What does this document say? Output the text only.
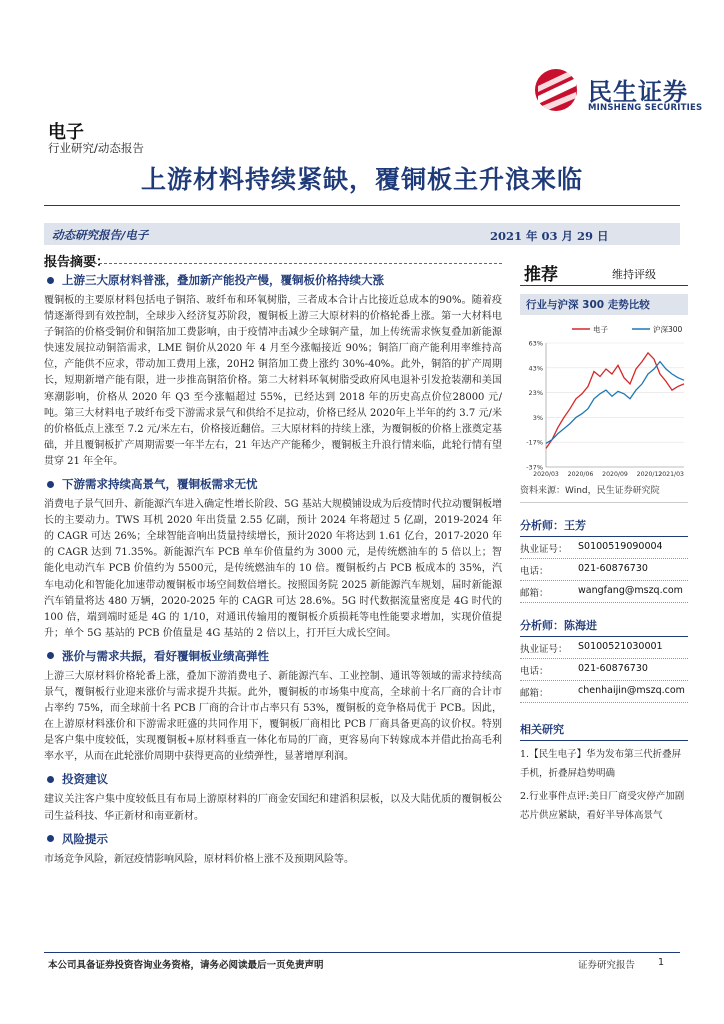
民生证券
MINSHENG SECURITIES
电子
行业研究/动态报告
上游材料持续紧缺，覆铜板主升浪来临
动态研究报告/电子	2021 年 03 月 29 日
报告摘要：
上游三大原材料普涨，叠加新产能投产慢，覆铜板价格持续大涨
覆铜板的主要原材料包括电子铜箔、玻纤布和环氧树脂，三者成本合计占比接近总成本的90%。随着疫情逐渐得到有效控制，全球步入经济复苏阶段，覆铜板上游三大原材料的价格轮番上涨。第一大材料电子铜箔的价格受铜价和铜箔加工费影响，由于疫情冲击减少全球铜产量，加上传统需求恢复叠加新能源快速发展拉动铜箔需求，LME 铜价从2020 年 4 月至今涨幅接近 90%；铜箔厂商产能利用率维持高位，产能供不应求，带动加工费用上涨，20H2 铜箔加工费上涨约 30%-40%。此外，铜箔的扩产周期长，短期新增产能有限，进一步推高铜箔价格。第二大材料环氧树脂受政府风电退补引发抢装潮和美国寒潮影响，价格从 2020 年 Q3 至今涨幅超过 55%，已经达到 2018 年的历史高点价位28000 元/吨。第三大材料电子玻纤布受下游需求景气和供给不足拉动，价格已经从 2020年上半年的约 3.7 元/米的价格低点上涨至 7.2 元/米左右，价格接近翻倍。三大原材料的持续上涨，为覆铜板的价格上涨奠定基础，并且覆铜板扩产周期需要一年半左右，21 年达产产能稀少，覆铜板主升浪行情来临，此轮行情有望贯穿 21 年全年。
下游需求持续高景气，覆铜板需求无忧
消费电子景气回升、新能源汽车进入确定性增长阶段、5G 基站大规模铺设成为后疫情时代拉动覆铜板增长的主要动力。TWS 耳机 2020 年出货量 2.55 亿副，预计 2024 年将超过 5 亿副，2019-2024 年的 CAGR 可达 26%；全球智能音响出货量持续增长，预计2020 年将达到 1.61 亿台，2017-2020 年的 CAGR 达到 71.35%。新能源汽车 PCB 单车价值量约为 3000 元，是传统燃油车的 5 倍以上；智能化电动汽车 PCB 价值约为 5500元，是传统燃油车的 10 倍。覆铜板约占 PCB 板成本的 35%，汽车电动化和智能化加速带动覆铜板市场空间数倍增长。按照国务院 2025 新能源汽车规划，届时新能源汽车销量将达 480 万辆，2020-2025 年的 CAGR 可达 28.6%。5G 时代数据流量密度是 4G 时代的 100 倍，端到端时延是 4G 的 1/10，对通讯传输用的覆铜板介质损耗等电性能要求增加，实现价值提升；单个 5G 基站的 PCB 价值量是 4G 基站的 2 倍以上，打开巨大成长空间。
涨价与需求共振，看好覆铜板业绩高弹性
上游三大原材料价格轮番上涨，叠加下游消费电子、新能源汽车、工业控制、通讯等领域的需求持续高景气，覆铜板行业迎来涨价与需求提升共振。此外，覆铜板的市场集中度高，全球前十名厂商的合计市占率约 75%，而全球前十名 PCB 厂商的合计市占率只有 53%，覆铜板的竞争格局优于 PCB。因此，在上游原材料涨价和下游需求旺盛的共同作用下，覆铜板厂商相比 PCB 厂商具备更高的议价权。特别是客户集中度较低，实现覆铜板+原材料垂直一体化布局的厂商，更容易向下转嫁成本并借此抬高毛利率水平，从而在此轮涨价周期中获得更高的业绩弹性，显著增厚利润。
投资建议
建议关注客户集中度较低且有布局上游原材料的厂商金安国纪和建滔积层板，以及大陆优质的覆铜板公司生益科技、华正新材和南亚新材。
风险提示
市场竞争风险，新冠疫情影响风险，原材料价格上涨不及预期风险等。
推荐	维持评级
行业与沪深 300 走势比较
63%
43%
23%
3%
-17%
-37%
2020/03 2020/06 2020/09 2020/12
2021/03
电子	沪深300
资料来源：Wind，民生证券研究院
分析师：王芳
执业证号：	S0100519090004
电话：	021-60876730
邮箱：	wangfang@mszq.com
分析师：陈海进
执业证号：	S0100521030001
电话：	021-60876730
邮箱：	chenhaijin@mszq.com
相关研究
1.【民生电子】华为发布第三代折叠屏手机，折叠屏趋势明确
2.行业事件点评:美日厂商受灾停产加剧芯片供应紧缺，看好半导体高景气
本公司具备证券投资咨询业务资格，请务必阅读最后一页免责声明	证券研究报告 1
